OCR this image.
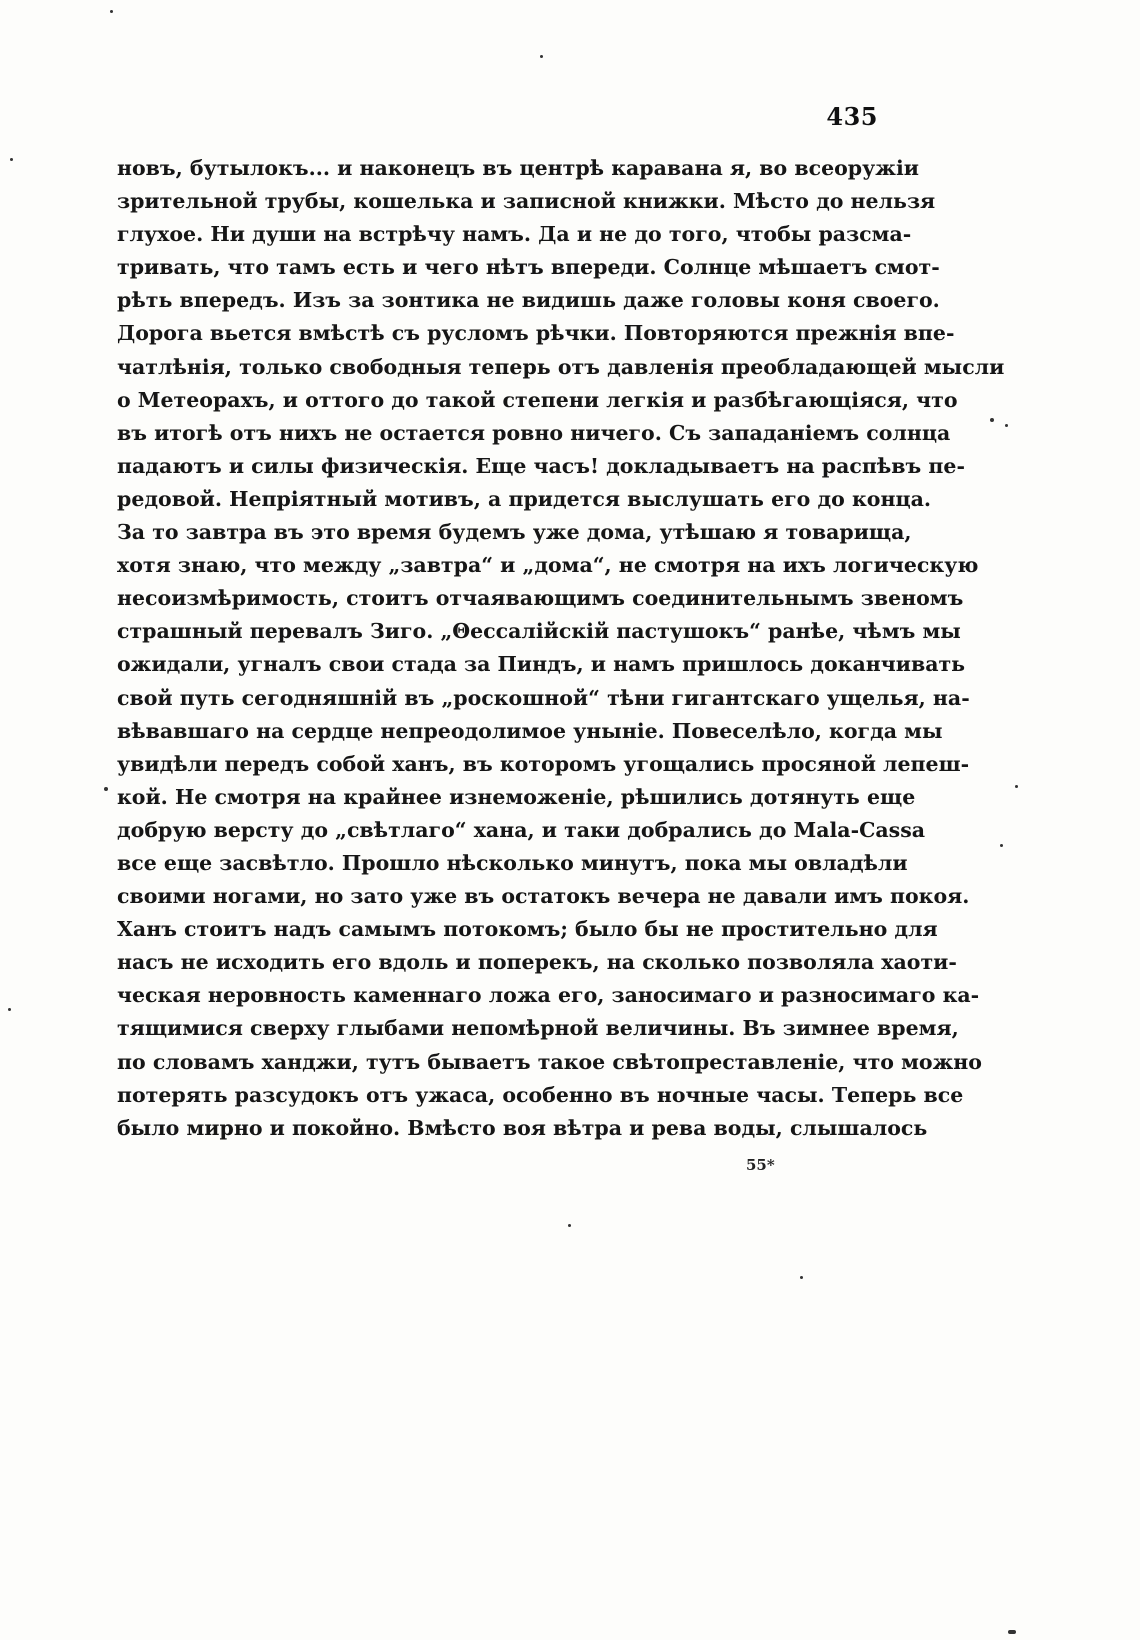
435
новъ, бутылокъ... и наконецъ въ центрѣ каравана я, во всеоружіи
зрительной трубы, кошелька и записной книжки. Мѣсто до нельзя
глухое. Ни души на встрѣчу намъ. Да и не до того, чтобы разсма-
тривать, что тамъ есть и чего нѣтъ впереди. Солнце мѣшаетъ смот-
рѣть впередъ. Изъ за зонтика не видишь даже головы коня своего.
Дорога вьется вмѣстѣ съ русломъ рѣчки. Повторяются прежнія впе-
чатлѣнія, только свободныя теперь отъ давленія преобладающей мысли
о Метеорахъ, и оттого до такой степени легкія и разбѣгающіяся, что
въ итогѣ отъ нихъ не остается ровно ничего. Съ западаніемъ солнца
падаютъ и силы физическія. Еще часъ! докладываетъ на распѣвъ пе-
редовой. Непріятный мотивъ, а придется выслушать его до конца.
За то завтра въ это время будемъ уже дома, утѣшаю я товарища,
хотя знаю, что между „завтра“ и „дома“, не смотря на ихъ логическую
несоизмѣримость, стоитъ отчаявающимъ соединительнымъ звеномъ
страшный перевалъ Зиго. „Θессалійскій пастушокъ“ ранѣе, чѣмъ мы
ожидали, угналъ свои стада за Пиндъ, и намъ пришлось доканчивать
свой путь сегодняшній въ „роскошной“ тѣни гигантскаго ущелья, на-
вѣвавшаго на сердце непреодолимое уныніе. Повеселѣло, когда мы
увидѣли передъ собой ханъ, въ которомъ угощались просяной лепеш-
кой. Не смотря на крайнее изнеможеніе, рѣшились дотянуть еще
добрую версту до „свѣтлаго“ хана, и таки добрались до Mala-Cassa
все еще засвѣтло. Прошло нѣсколько минутъ, пока мы овладѣли
своими ногами, но зато уже въ остатокъ вечера не давали имъ покоя.
Ханъ стоитъ надъ самымъ потокомъ; было бы не простительно для
насъ не исходить его вдоль и поперекъ, на сколько позволяла хаоти-
ческая неровность каменнаго ложа его, заносимаго и разносимаго ка-
тящимися сверху глыбами непомѣрной величины. Въ зимнее время,
по словамъ ханджи, тутъ бываетъ такое свѣтопреставленіе, что можно
потерять разсудокъ отъ ужаса, особенно въ ночные часы. Теперь все
было мирно и покойно. Вмѣсто воя вѣтра и рева воды, слышалось
55*
